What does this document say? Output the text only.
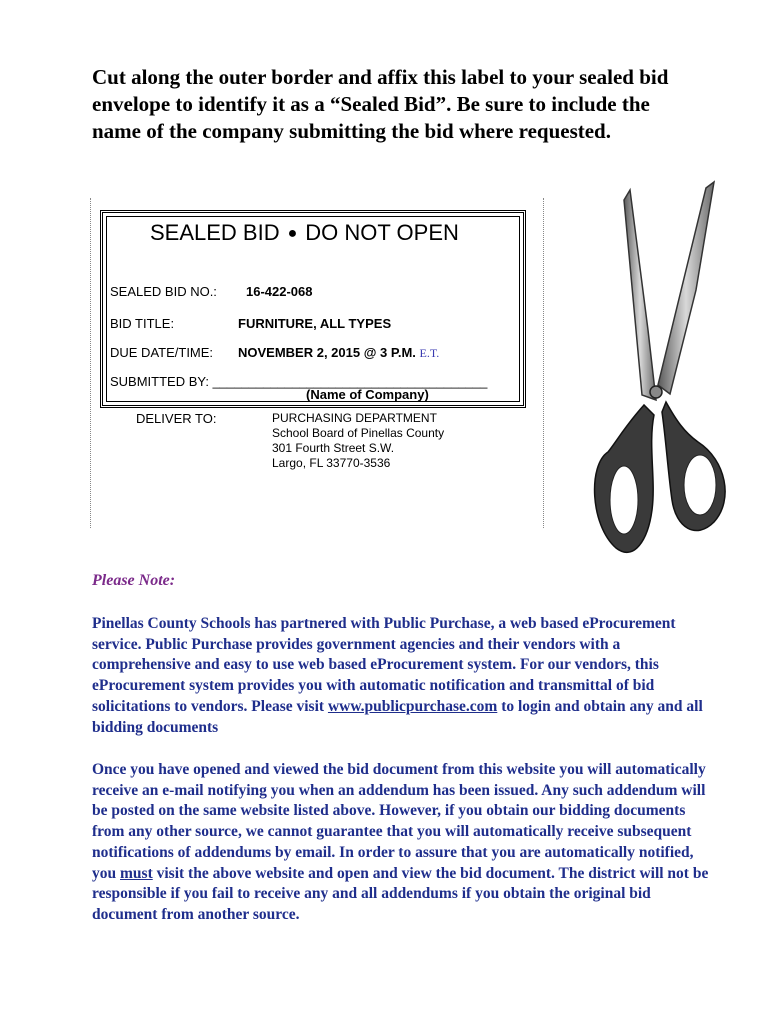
Cut along the outer border and affix this label to your sealed bid envelope to identify it as a “Sealed Bid”. Be sure to include the name of the company submitting the bid where requested.

SEALED BID ● DO NOT OPEN
SEALED BID NO.: 16-422-068
BID TITLE:	FURNITURE, ALL TYPES
DUE DATE/TIME: NOVEMBER 2, 2015 @ 3 P.M. E.T.
SUBMITTED BY: ______________________________________
(Name of Company)
DELIVER TO:	PURCHASING DEPARTMENT
School Board of Pinellas County
301 Fourth Street S.W.
Largo, FL 33770-3536
Please Note:

Pinellas County Schools has partnered with Public Purchase, a web based eProcurement service. Public Purchase provides government agencies and their vendors with a comprehensive and easy to use web based eProcurement system. For our vendors, this eProcurement system provides you with automatic notification and transmittal of bid solicitations to vendors. Please visit www.publicpurchase.com to login and obtain any and all bidding documents

Once you have opened and viewed the bid document from this website you will automatically receive an e-mail notifying you when an addendum has been issued. Any such addendum will be posted on the same website listed above. However, if you obtain our bidding documents from any other source, we cannot guarantee that you will automatically receive subsequent notifications of addendums by email. In order to assure that you are automatically notified, you must visit the above website and open and view the bid document. The district will not be responsible if you fail to receive any and all addendums if you obtain the original bid document from another source.
